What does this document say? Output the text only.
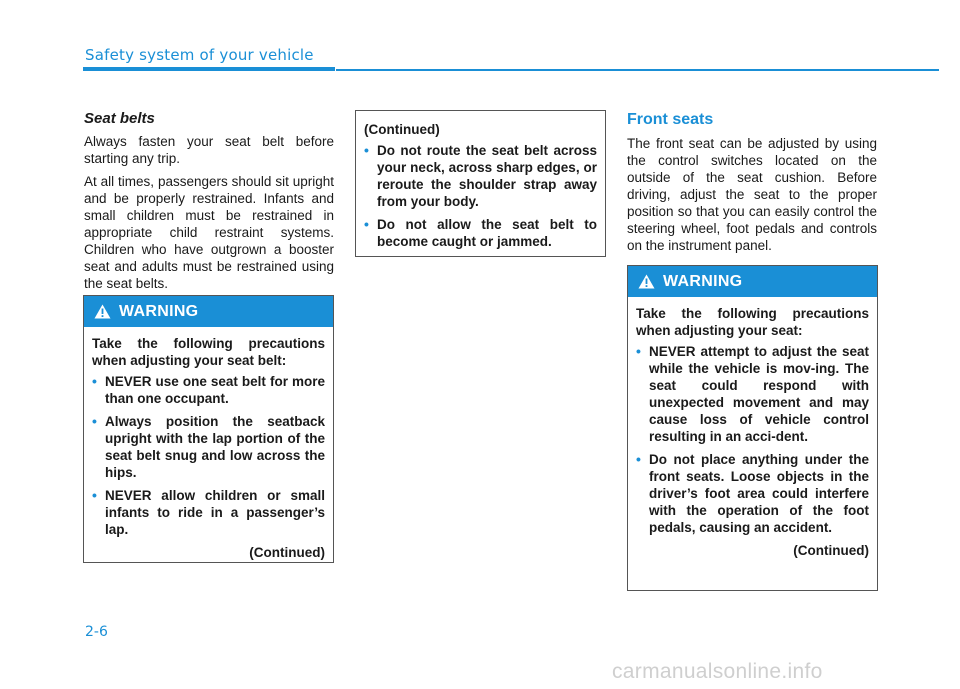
Safety system of your vehicle
Seat belts

Always fasten your seat belt before starting any trip.

At all times, passengers should sit upright and be properly restrained. Infants and small children must be restrained in appropriate child restraint systems. Children who have outgrown a booster seat and adults must be restrained using the seat belts.

WARNING

Take the following precautions when adjusting your seat belt:

• NEVER use one seat belt for more than one occupant.
• Always position the seatback upright with the lap portion of the seat belt snug and low across the hips.
• NEVER allow children or small infants to ride in a passenger’s lap.
(Continued)

(Continued)

• Do not route the seat belt across your neck, across sharp edges, or reroute the shoulder strap away from your body.
• Do not allow the seat belt to become caught or jammed.
Front seats

The front seat can be adjusted by using the control switches located on the outside of the seat cushion. Before driving, adjust the seat to the proper position so that you can easily control the steering wheel, foot pedals and controls on the instrument panel.

WARNING

Take the following precautions when adjusting your seat:

• NEVER attempt to adjust the seat while the vehicle is mov-ing. The seat could respond with unexpected movement and may cause loss of vehicle control resulting in an acci-dent.
• Do not place anything under the front seats. Loose objects in the driver’s foot area could interfere with the operation of the foot pedals, causing an accident.
(Continued)
2-6
carmanualsonline.info
